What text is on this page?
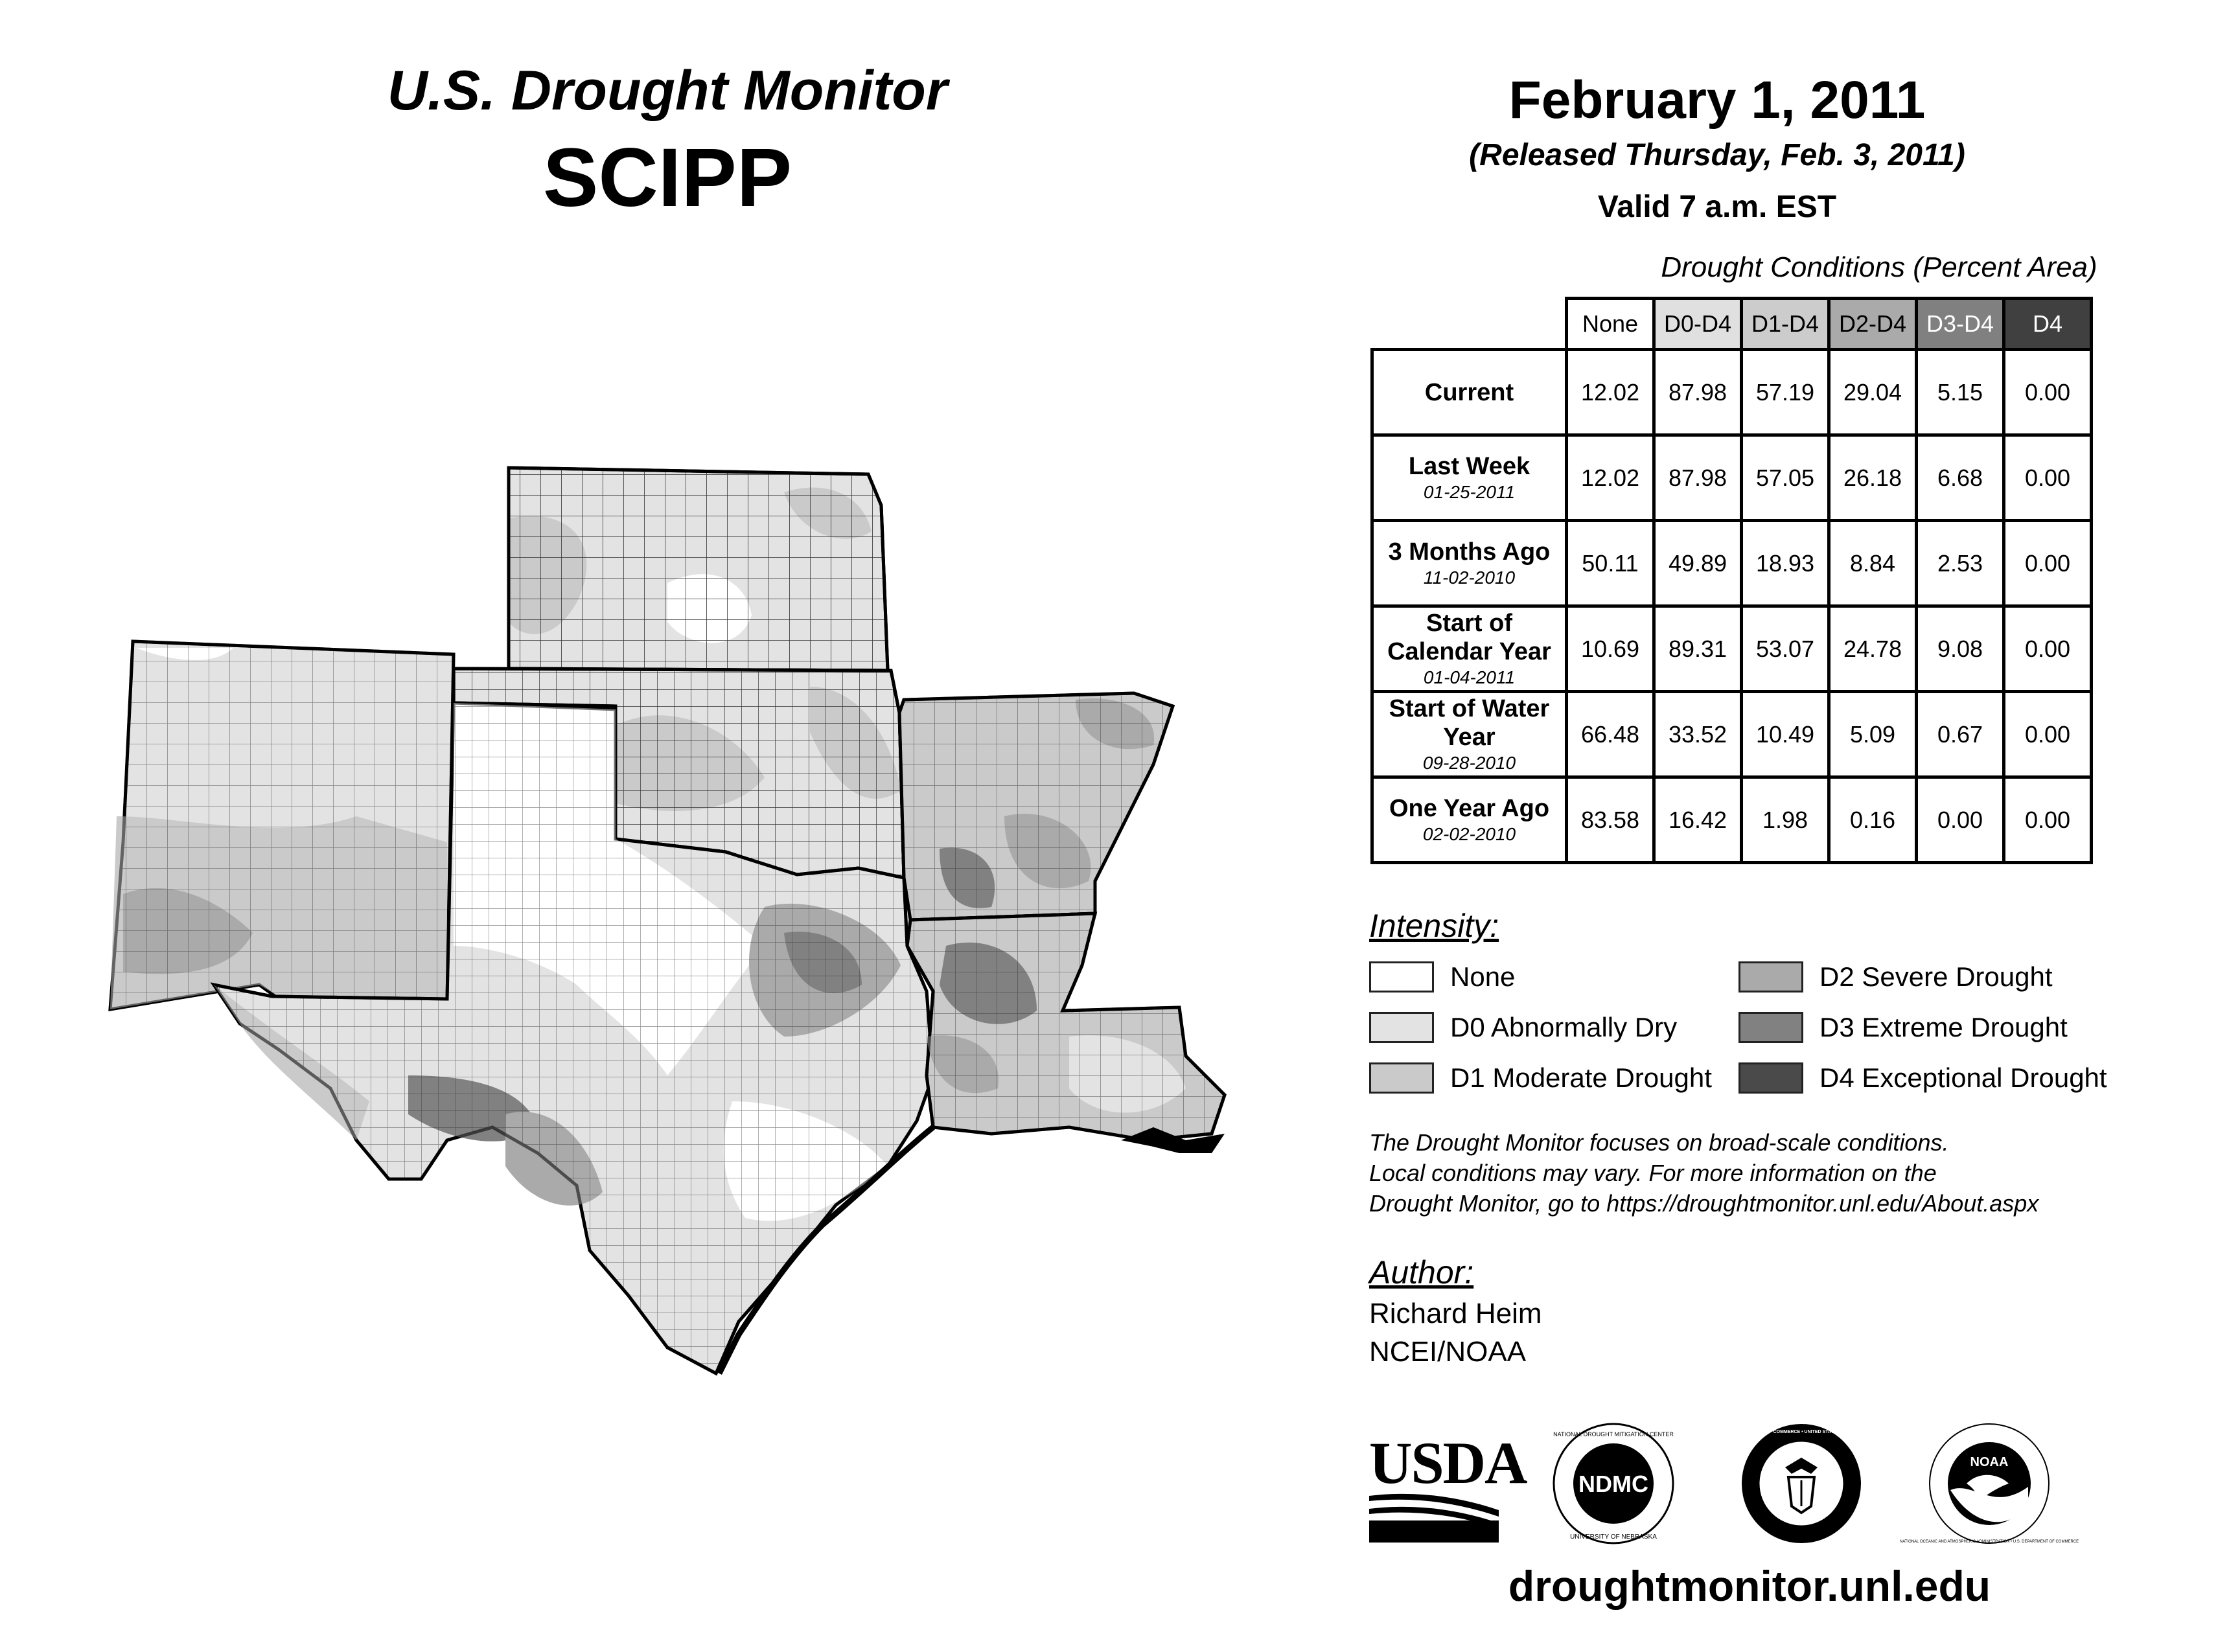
U.S. Drought Monitor
SCIPP
February 1, 2011
(Released Thursday, Feb. 3, 2011)
Valid 7 a.m. EST
Drought Conditions (Percent Area)
	None	D0-D4	D1-D4	D2-D4	D3-D4	D4

Current	12.02	87.98	57.19	29.04	5.15	0.00

Last Week
01-25-2011	12.02	87.98	57.05	26.18	6.68	0.00

3 Months Ago
11-02-2010	50.11	49.89	18.93	8.84	2.53	0.00

Start of Calendar Year
01-04-2011	10.69	89.31	53.07	24.78	9.08	0.00

Start of Water Year
09-28-2010	66.48	33.52	10.49	5.09	0.67	0.00

One Year Ago
02-02-2010	83.58	16.42	1.98	0.16	0.00	0.00
Intensity:
None
D0 Abnormally Dry
D1 Moderate Drought
D2 Severe Drought
D3 Extreme Drought
D4 Exceptional Drought
The Drought Monitor focuses on broad-scale conditions.
Local conditions may vary. For more information on the
Drought Monitor, go to https://droughtmonitor.unl.edu/About.aspx
Author:
Richard Heim
NCEI/NOAA
USDA NDMC
NATIONAL DROUGHT MITIGATION CENTER
UNIVERSITY OF NEBRASKA
DEPARTMENT OF COMMERCE • UNITED STATES OF AMERICA
NOAA
NATIONAL OCEANIC AND ATMOSPHERIC ADMINISTRATION • U.S. DEPARTMENT OF COMMERCE
droughtmonitor.unl.edu
